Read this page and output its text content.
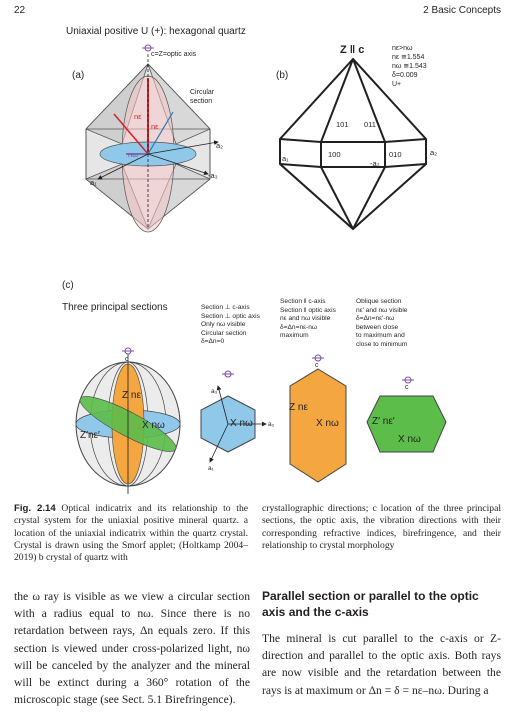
22	2 Basic Concepts
Uniaxial positive U (+): hexagonal quartz
(a)
c=Z=optic axis
Circular
section
nε
nε
nω
a₂
-a₃
a₁
(b)
Z ‖ c	nε>nω
nε ≅1.554
nω ≅1.543
δ=0.009
U+
101 011
100	010
a₁
a₂
-a₃
(c)
Three principal sections	Section ⊥ c-axis
Section ⊥ optic axis
Only nω visible
Circular section
δ=Δn=0
Section ‖ c-axis
Section ‖ optic axis
nε and nω visible
δ=Δn=nε-nω
maximum
Oblique section
nε′ and nω visible
δ=Δn=nε′-nω
between close
to maximum and
close to minimum
c
c
c
Z nε
X nω
Z′nε′
a₃
a₂
a₁
X nω
Z nε
X nω	Z′ nε′
X nω
Fig. 2.14 Optical indicatrix and its relationship to the crystal system for the uniaxial positive mineral quartz. a location of the uniaxial indicatrix within the quartz crystal. Crystal is drawn using the Smorf applet; (Holtkamp 2004–2019) b crystal of quartz with
crystallographic directions; c location of the three principal sections, the optic axis, the vibration directions with their corresponding refractive indices, birefringence, and their relationship to crystal morphology
the ω ray is visible as we view a circular section with a radius equal to nω. Since there is no retardation between rays, Δn equals zero. If this section is viewed under cross-polarized light, nω will be canceled by the analyzer and the mineral will be extinct during a 360° rotation of the microscopic stage (see Sect. 5.1 Birefringence).
Parallel section or parallel to the optic axis and the c-axis
The mineral is cut parallel to the c-axis or Z-direction and parallel to the optic axis. Both rays are now visible and the retardation between the rays is at maximum or Δn = δ = nε–nω. During a
